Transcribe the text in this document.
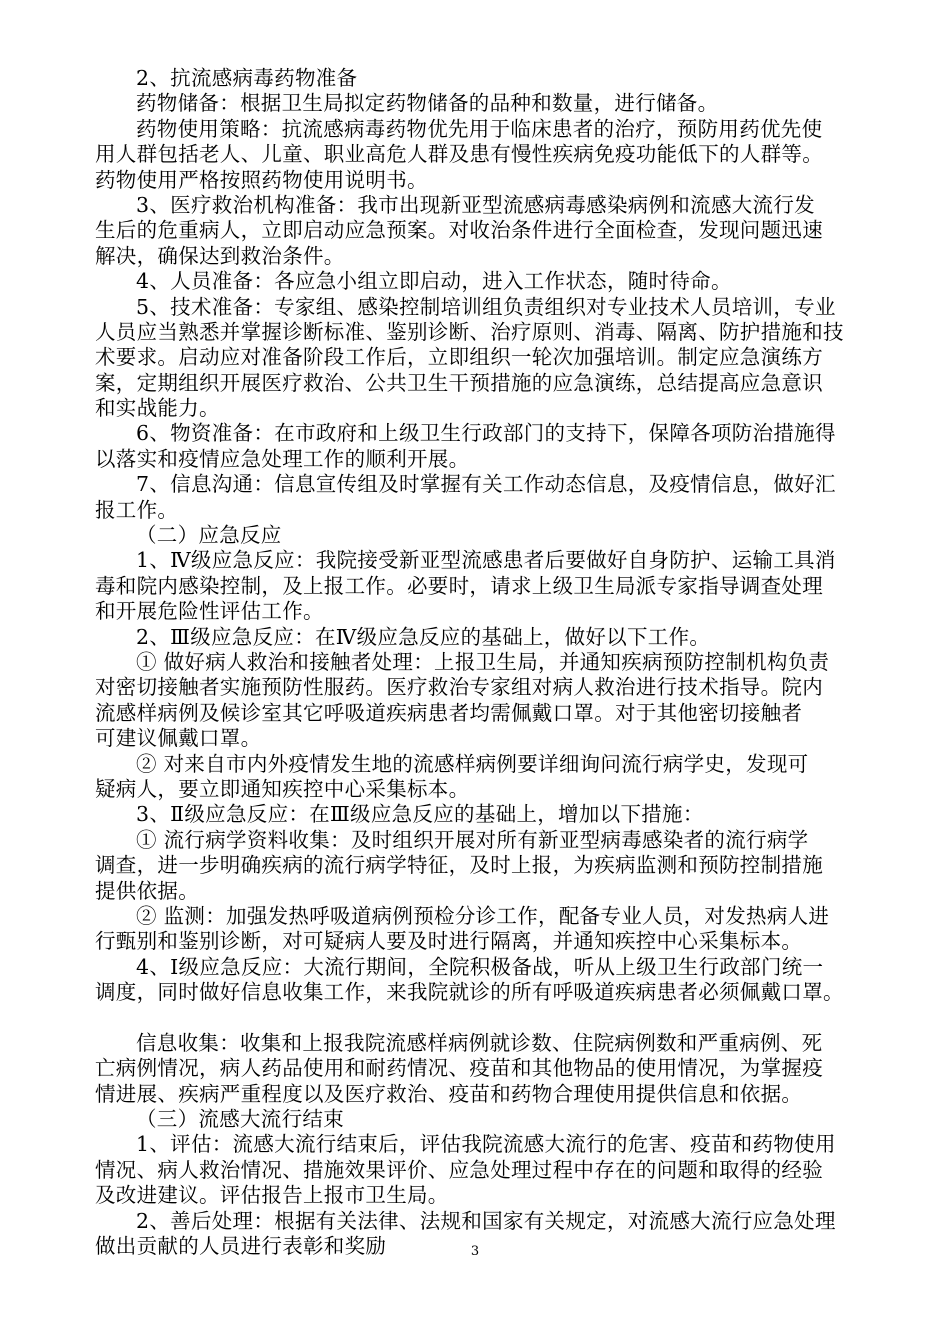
2、抗流感病毒药物准备
药物储备：根据卫生局拟定药物储备的品种和数量，进行储备。
药物使用策略：抗流感病毒药物优先用于临床患者的治疗，预防用药优先使
用人群包括老人、儿童、职业高危人群及患有慢性疾病免疫功能低下的人群等。
药物使用严格按照药物使用说明书。
3、医疗救治机构准备：我市出现新亚型流感病毒感染病例和流感大流行发
生后的危重病人，立即启动应急预案。对收治条件进行全面检查，发现问题迅速
解决，确保达到救治条件。
4、人员准备：各应急小组立即启动，进入工作状态，随时待命。
5、技术准备：专家组、感染控制培训组负责组织对专业技术人员培训，专业
人员应当熟悉并掌握诊断标准、鉴别诊断、治疗原则、消毒、隔离、防护措施和技
术要求。启动应对准备阶段工作后，立即组织一轮次加强培训。制定应急演练方
案，定期组织开展医疗救治、公共卫生干预措施的应急演练，总结提高应急意识
和实战能力。
6、物资准备：在市政府和上级卫生行政部门的支持下，保障各项防治措施得
以落实和疫情应急处理工作的顺利开展。
7、信息沟通：信息宣传组及时掌握有关工作动态信息，及疫情信息，做好汇
报工作。
（二）应急反应
1、Ⅳ级应急反应：我院接受新亚型流感患者后要做好自身防护、运输工具消
毒和院内感染控制，及上报工作。必要时，请求上级卫生局派专家指导调查处理
和开展危险性评估工作。
2、Ⅲ级应急反应：在Ⅳ级应急反应的基础上，做好以下工作。
① 做好病人救治和接触者处理：上报卫生局，并通知疾病预防控制机构负责
对密切接触者实施预防性服药。医疗救治专家组对病人救治进行技术指导。院内
流感样病例及候诊室其它呼吸道疾病患者均需佩戴口罩。对于其他密切接触者
可建议佩戴口罩。
② 对来自市内外疫情发生地的流感样病例要详细询问流行病学史，发现可
疑病人，要立即通知疾控中心采集标本。
3、Ⅱ级应急反应：在Ⅲ级应急反应的基础上，增加以下措施：
① 流行病学资料收集：及时组织开展对所有新亚型病毒感染者的流行病学
调查，进一步明确疾病的流行病学特征，及时上报，为疾病监测和预防控制措施
提供依据。
② 监测：加强发热呼吸道病例预检分诊工作，配备专业人员，对发热病人进
行甄别和鉴别诊断，对可疑病人要及时进行隔离，并通知疾控中心采集标本。
4、Ⅰ级应急反应：大流行期间，全院积极备战，听从上级卫生行政部门统一
调度，同时做好信息收集工作，来我院就诊的所有呼吸道疾病患者必须佩戴口罩。
信息收集：收集和上报我院流感样病例就诊数、住院病例数和严重病例、死
亡病例情况，病人药品使用和耐药情况、疫苗和其他物品的使用情况，为掌握疫
情进展、疾病严重程度以及医疗救治、疫苗和药物合理使用提供信息和依据。
（三）流感大流行结束
1、评估：流感大流行结束后，评估我院流感大流行的危害、疫苗和药物使用
情况、病人救治情况、措施效果评价、应急处理过程中存在的问题和取得的经验
及改进建议。评估报告上报市卫生局。
2、善后处理：根据有关法律、法规和国家有关规定，对流感大流行应急处理
做出贡献的人员进行表彰和奖励	3
